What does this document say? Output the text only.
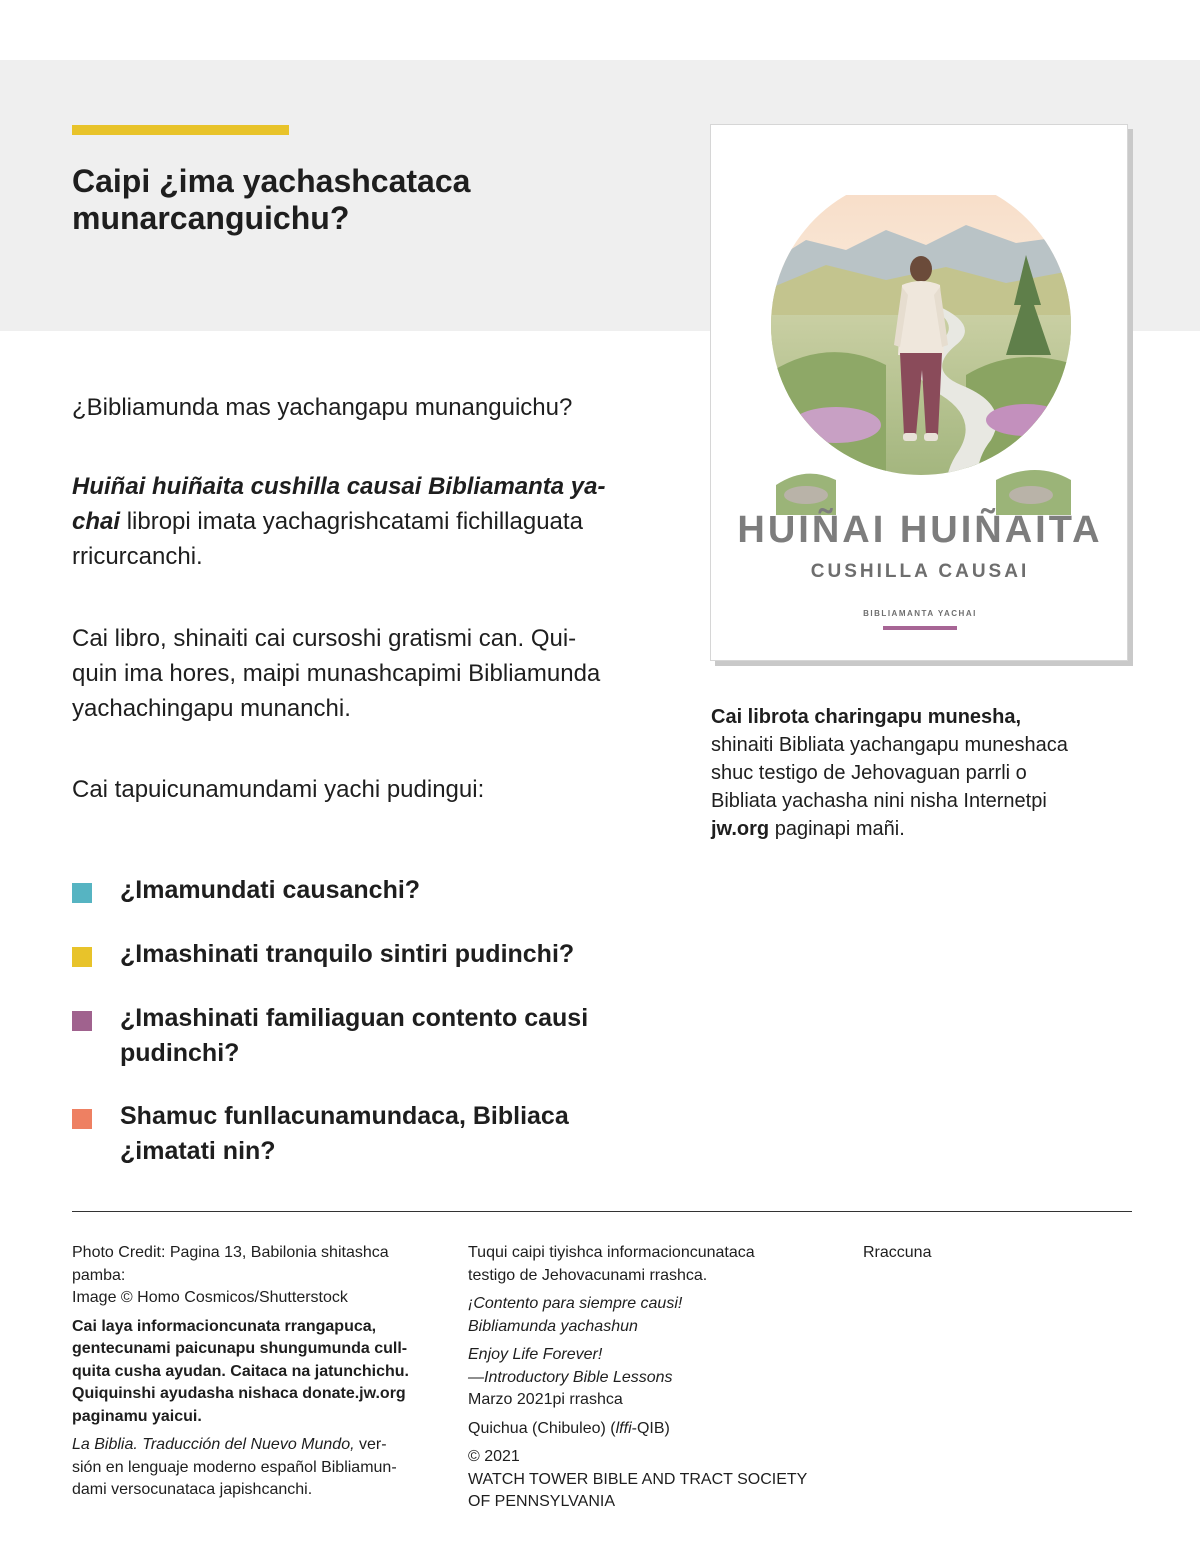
Caipi ¿ima yachashcataca
munarcanguichu?
HUIÑAI HUIÑAITA
CUSHILLA CAUSAI
BIBLIAMANTA YACHAI
Cai librota charingapu munesha,
shinaiti Bibliata yachangapu muneshaca
shuc testigo de Jehovaguan parrli o
Bibliata yachasha nini nisha Internetpi
jw.org paginapi mañi.

¿Bibliamunda mas yachangapu munanguichu?

Huiñai huiñaita cushilla causai Bibliamanta ya-
chai libropi imata yachagrishcatami fichillaguata
rricurcanchi.

Cai libro, shinaiti cai cursoshi gratismi can. Qui-
quin ima hores, maipi munashcapimi Bibliamunda
yachachingapu munanchi.

Cai tapuicunamundami yachi pudingui:

¿Imamundati causanchi?
¿Imashinati tranquilo sintiri pudinchi?
¿Imashinati familiaguan contento causi
pudinchi?
Shamuc funllacunamundaca, Bibliaca
¿imatati nin?
Photo Credit: Pagina 13, Babilonia shitashca
pamba:
Image © Homo Cosmicos/Shutterstock
Cai laya informacioncunata rrangapuca,
gentecunami paicunapu shungumunda cull-
quita cusha ayudan. Caitaca na jatunchichu.
Quiquinshi ayudasha nishaca donate.jw.org
paginamu yaicui.
La Biblia. Traducción del Nuevo Mundo, ver-
sión en lenguaje moderno español Bibliamun-
dami versocunataca japishcanchi.
Tuqui caipi tiyishca informacioncunataca
testigo de Jehovacunami rrashca.
¡Contento para siempre causi!
Bibliamunda yachashun
Enjoy Life Forever!
—Introductory Bible Lessons
Marzo 2021pi rrashca
Quichua (Chibuleo) (lffi-QIB)
© 2021
WATCH TOWER BIBLE AND TRACT SOCIETY
OF PENNSYLVANIA
Rraccuna
